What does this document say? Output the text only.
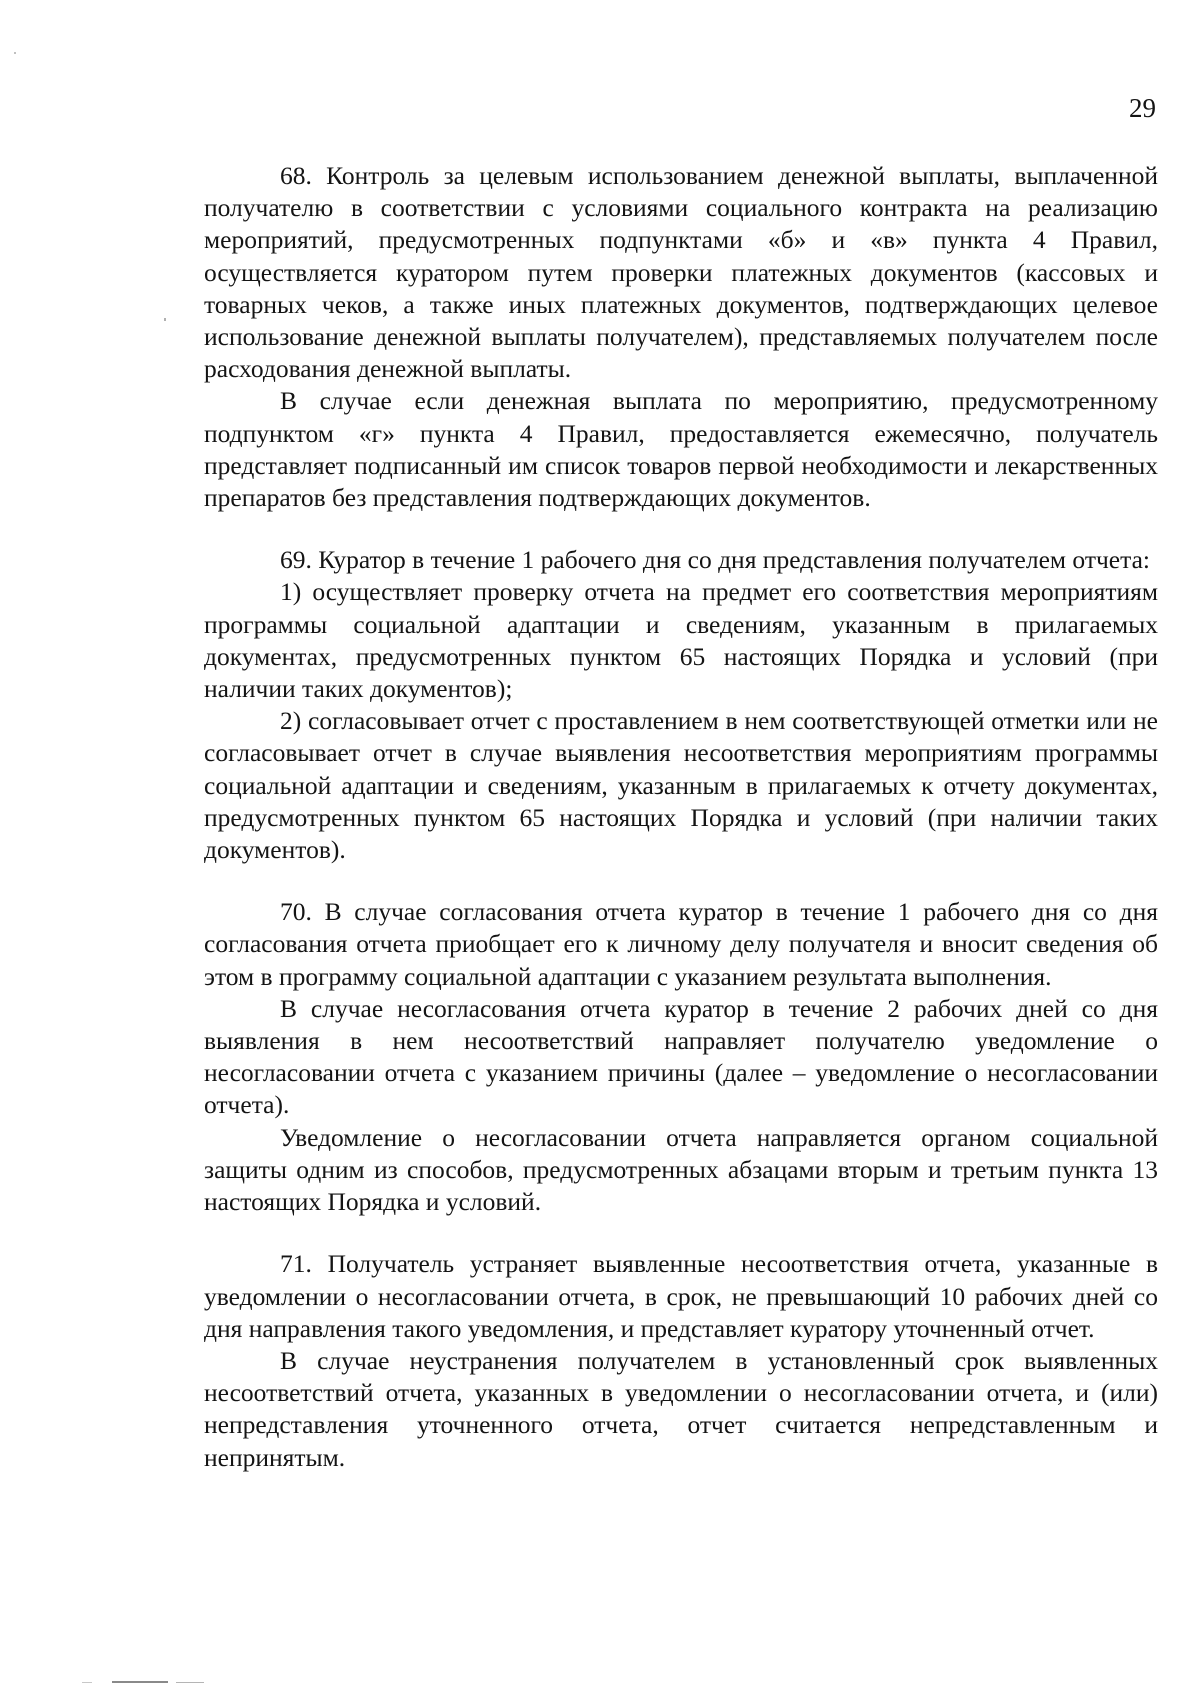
29

68. Контроль за целевым использованием денежной выплаты, выплаченной получателю в соответствии с условиями социального контракта на реализацию мероприятий, предусмотренных подпунктами «б» и «в» пункта 4 Правил, осуществляется куратором путем проверки платежных документов (кассовых и товарных чеков, а также иных платежных документов, подтверждающих целевое использование денежной выплаты получателем), представляемых получателем после расходования денежной выплаты.

В случае если денежная выплата по мероприятию, предусмотренному подпунктом «г» пункта 4 Правил, предоставляется ежемесячно, получатель представляет подписанный им список товаров первой необходимости и лекарственных препаратов без представления подтверждающих документов.

69. Куратор в течение 1 рабочего дня со дня представления получателем отчета:

1) осуществляет проверку отчета на предмет его соответствия мероприятиям программы социальной адаптации и сведениям, указанным в прилагаемых документах, предусмотренных пунктом 65 настоящих Порядка и условий (при наличии таких документов);

2) согласовывает отчет с проставлением в нем соответствующей отметки или не согласовывает отчет в случае выявления несоответствия мероприятиям программы социальной адаптации и сведениям, указанным в прилагаемых к отчету документах, предусмотренных пунктом 65 настоящих Порядка и условий (при наличии таких документов).

70. В случае согласования отчета куратор в течение 1 рабочего дня со дня согласования отчета приобщает его к личному делу получателя и вносит сведения об этом в программу социальной адаптации с указанием результата выполнения.

В случае несогласования отчета куратор в течение 2 рабочих дней со дня выявления в нем несоответствий направляет получателю уведомление о несогласовании отчета с указанием причины (далее – уведомление о несогласовании отчета).

Уведомление о несогласовании отчета направляется органом социальной защиты одним из способов, предусмотренных абзацами вторым и третьим пункта 13 настоящих Порядка и условий.

71. Получатель устраняет выявленные несоответствия отчета, указанные в уведомлении о несогласовании отчета, в срок, не превышающий 10 рабочих дней со дня направления такого уведомления, и представляет куратору уточненный отчет.

В случае неустранения получателем в установленный срок выявленных несоответствий отчета, указанных в уведомлении о несогласовании отчета, и (или) непредставления уточненного отчета, отчет считается непредставленным и непринятым.
